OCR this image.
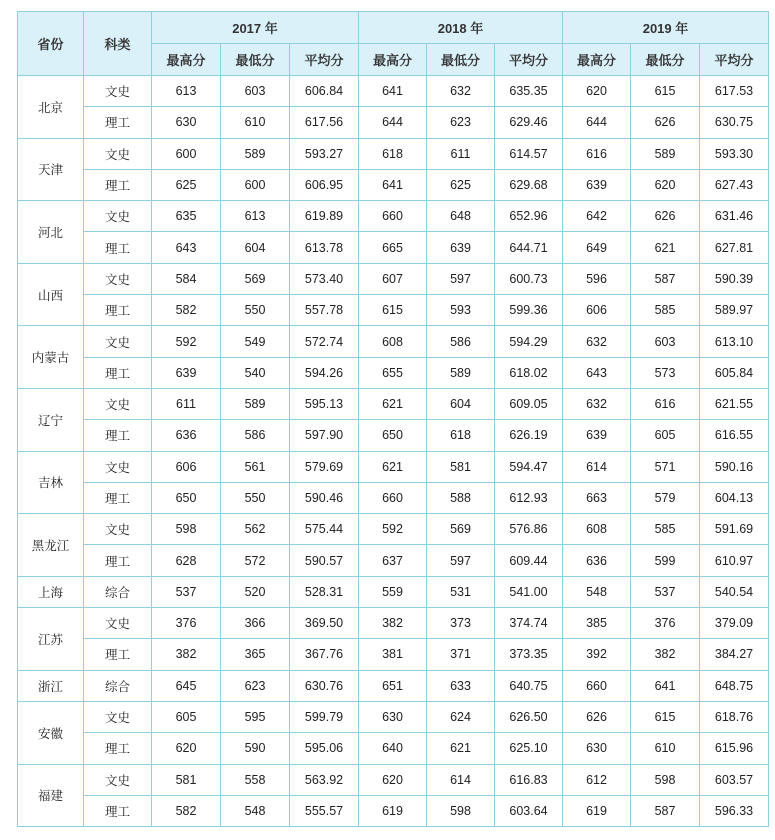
省份	科类	2017 年			2018 年			2019 年		
		最高分	最低分	平均分	最高分	最低分	平均分	最高分	最低分	平均分
北京	文史	613	603	606.84	641	632	635.35	620	615	617.53
	理工	630	610	617.56	644	623	629.46	644	626	630.75
天津	文史	600	589	593.27	618	611	614.57	616	589	593.30
	理工	625	600	606.95	641	625	629.68	639	620	627.43
河北	文史	635	613	619.89	660	648	652.96	642	626	631.46
	理工	643	604	613.78	665	639	644.71	649	621	627.81
山西	文史	584	569	573.40	607	597	600.73	596	587	590.39
	理工	582	550	557.78	615	593	599.36	606	585	589.97
内蒙古	文史	592	549	572.74	608	586	594.29	632	603	613.10
	理工	639	540	594.26	655	589	618.02	643	573	605.84
辽宁	文史	611	589	595.13	621	604	609.05	632	616	621.55
	理工	636	586	597.90	650	618	626.19	639	605	616.55
吉林	文史	606	561	579.69	621	581	594.47	614	571	590.16
	理工	650	550	590.46	660	588	612.93	663	579	604.13
黑龙江	文史	598	562	575.44	592	569	576.86	608	585	591.69
	理工	628	572	590.57	637	597	609.44	636	599	610.97
上海	综合	537	520	528.31	559	531	541.00	548	537	540.54
江苏	文史	376	366	369.50	382	373	374.74	385	376	379.09
	理工	382	365	367.76	381	371	373.35	392	382	384.27
浙江	综合	645	623	630.76	651	633	640.75	660	641	648.75
安徽	文史	605	595	599.79	630	624	626.50	626	615	618.76
	理工	620	590	595.06	640	621	625.10	630	610	615.96
福建	文史	581	558	563.92	620	614	616.83	612	598	603.57
	理工	582	548	555.57	619	598	603.64	619	587	596.33
